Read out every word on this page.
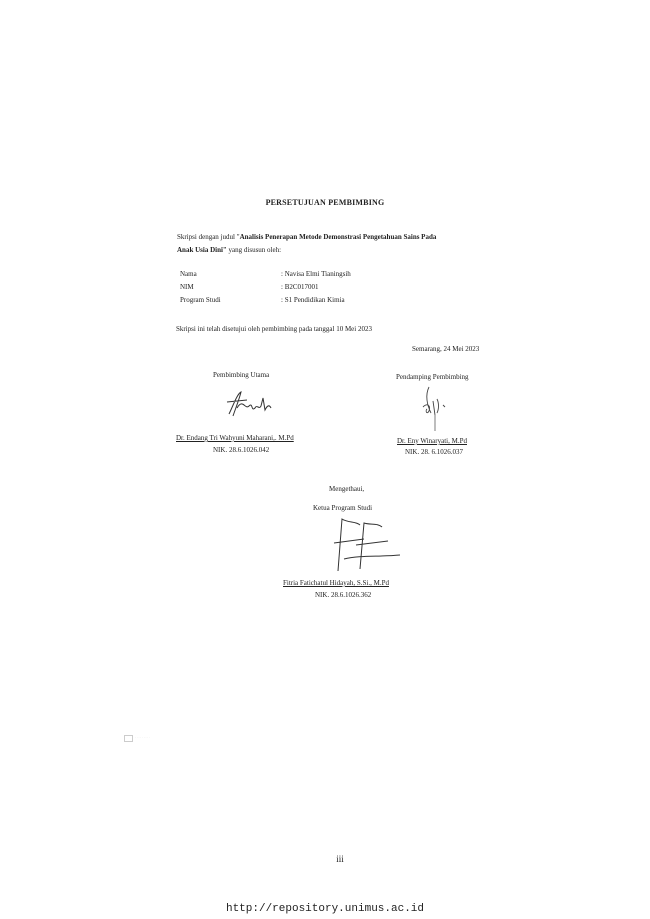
PERSETUJUAN PEMBIMBING
Skripsi dengan judul "Analisis Penerapan Metode Demonstrasi Pengetahuan Sains Pada
Anak Usia Dini" yang disusun oleh:
Nama	: Navisa Elmi Tianingsih
NIM	: B2C017001
Program Studi	: S1 Pendidikan Kimia
Skripsi ini telah disetujui oleh pembimbing pada tanggal 10 Mei 2023
Semarang, 24 Mei 2023
Pembimbing Utama
Dr. Endang Tri Wahyuni Maharani,. M.Pd
NIK. 28.6.1026.042
Pendamping Pembimbing
Dr. Eny Winaryati, M.Pd
NIK. 28. 6.1026.037
Mengethaui,
Ketua Program Studi
Fitria Fatichatul Hidayah, S.Si., M.Pd
NIK. 28.6.1026.362
· · · · · · · · ·
iii
http://repository.unimus.ac.id
